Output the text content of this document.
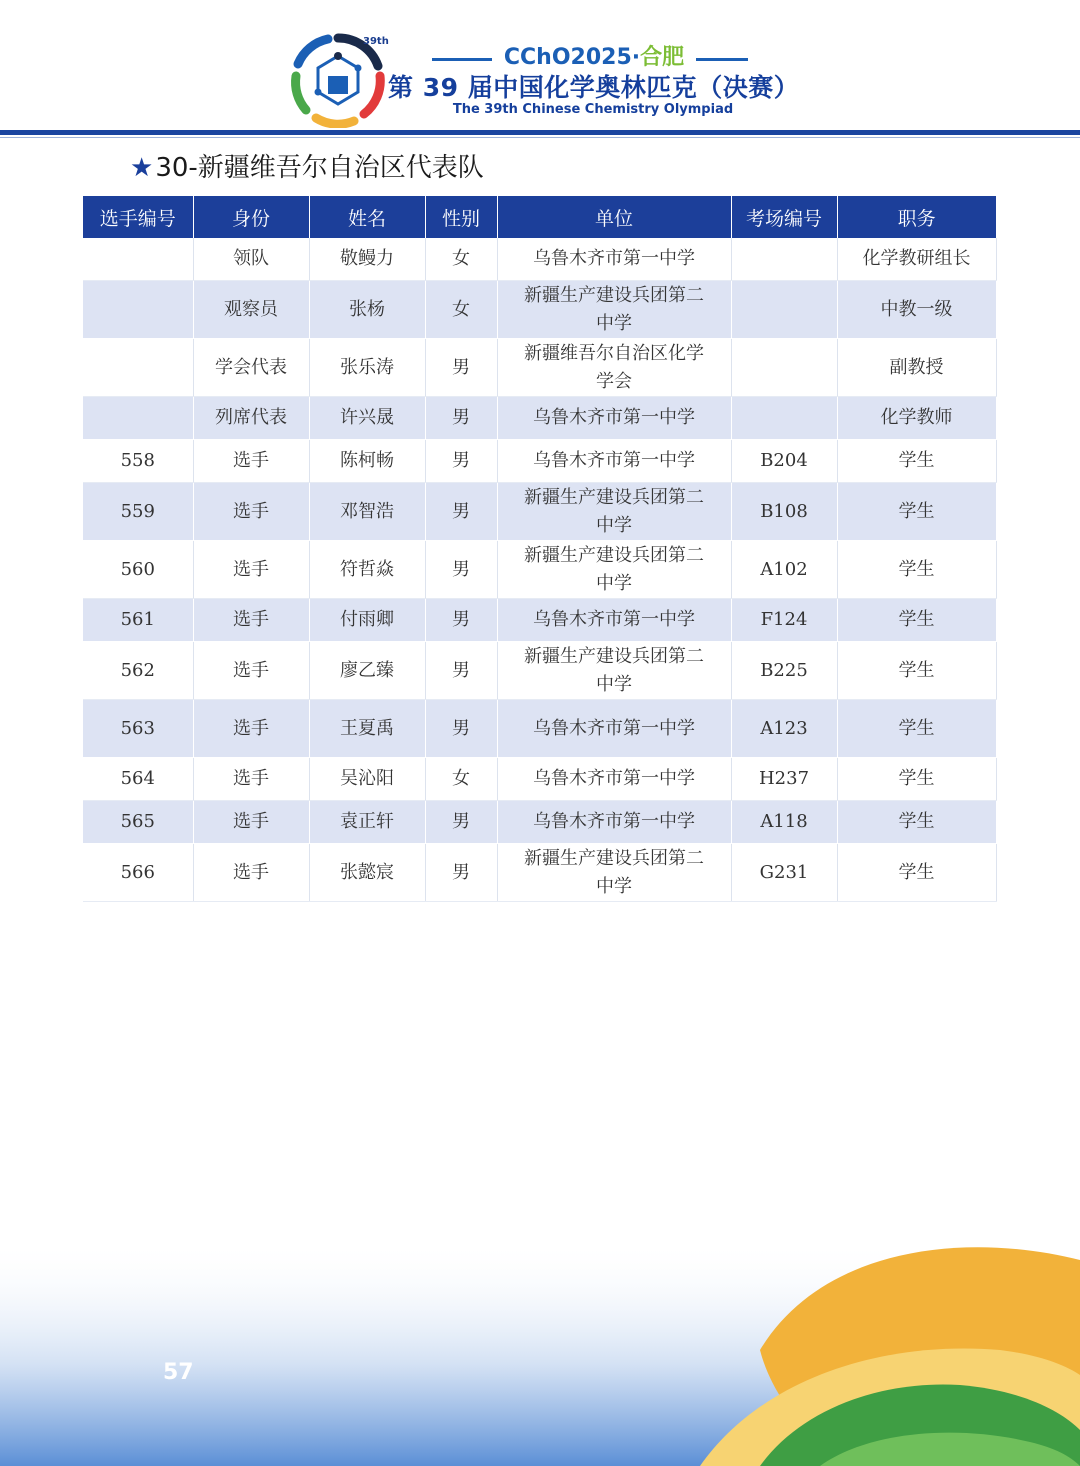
39th
CChO2025·合肥
第 39 届中国化学奥林匹克（决赛）
The 39th Chinese Chemistry Olympiad
★30-新疆维吾尔自治区代表队
选手编号	身份	姓名	性别	单位	考场编号	职务
	领队	敬鳗力	女	乌鲁木齐市第一中学		化学教研组长
	观察员	张杨	女	新疆生产建设兵团第二
中学		中教一级
	学会代表	张乐涛	男	新疆维吾尔自治区化学
学会		副教授
	列席代表	许兴晟	男	乌鲁木齐市第一中学		化学教师
558	选手	陈柯畅	男	乌鲁木齐市第一中学	B204	学生
559	选手	邓智浩	男	新疆生产建设兵团第二
中学	B108	学生
560	选手	符哲焱	男	新疆生产建设兵团第二
中学	A102	学生
561	选手	付雨卿	男	乌鲁木齐市第一中学	F124	学生
562	选手	廖乙臻	男	新疆生产建设兵团第二
中学	B225	学生
563	选手	王夏禹	男	乌鲁木齐市第一中学	A123	学生
564	选手	吴沁阳	女	乌鲁木齐市第一中学	H237	学生
565	选手	袁正轩	男	乌鲁木齐市第一中学	A118	学生
566	选手	张懿宸	男	新疆生产建设兵团第二
中学	G231	学生
57
